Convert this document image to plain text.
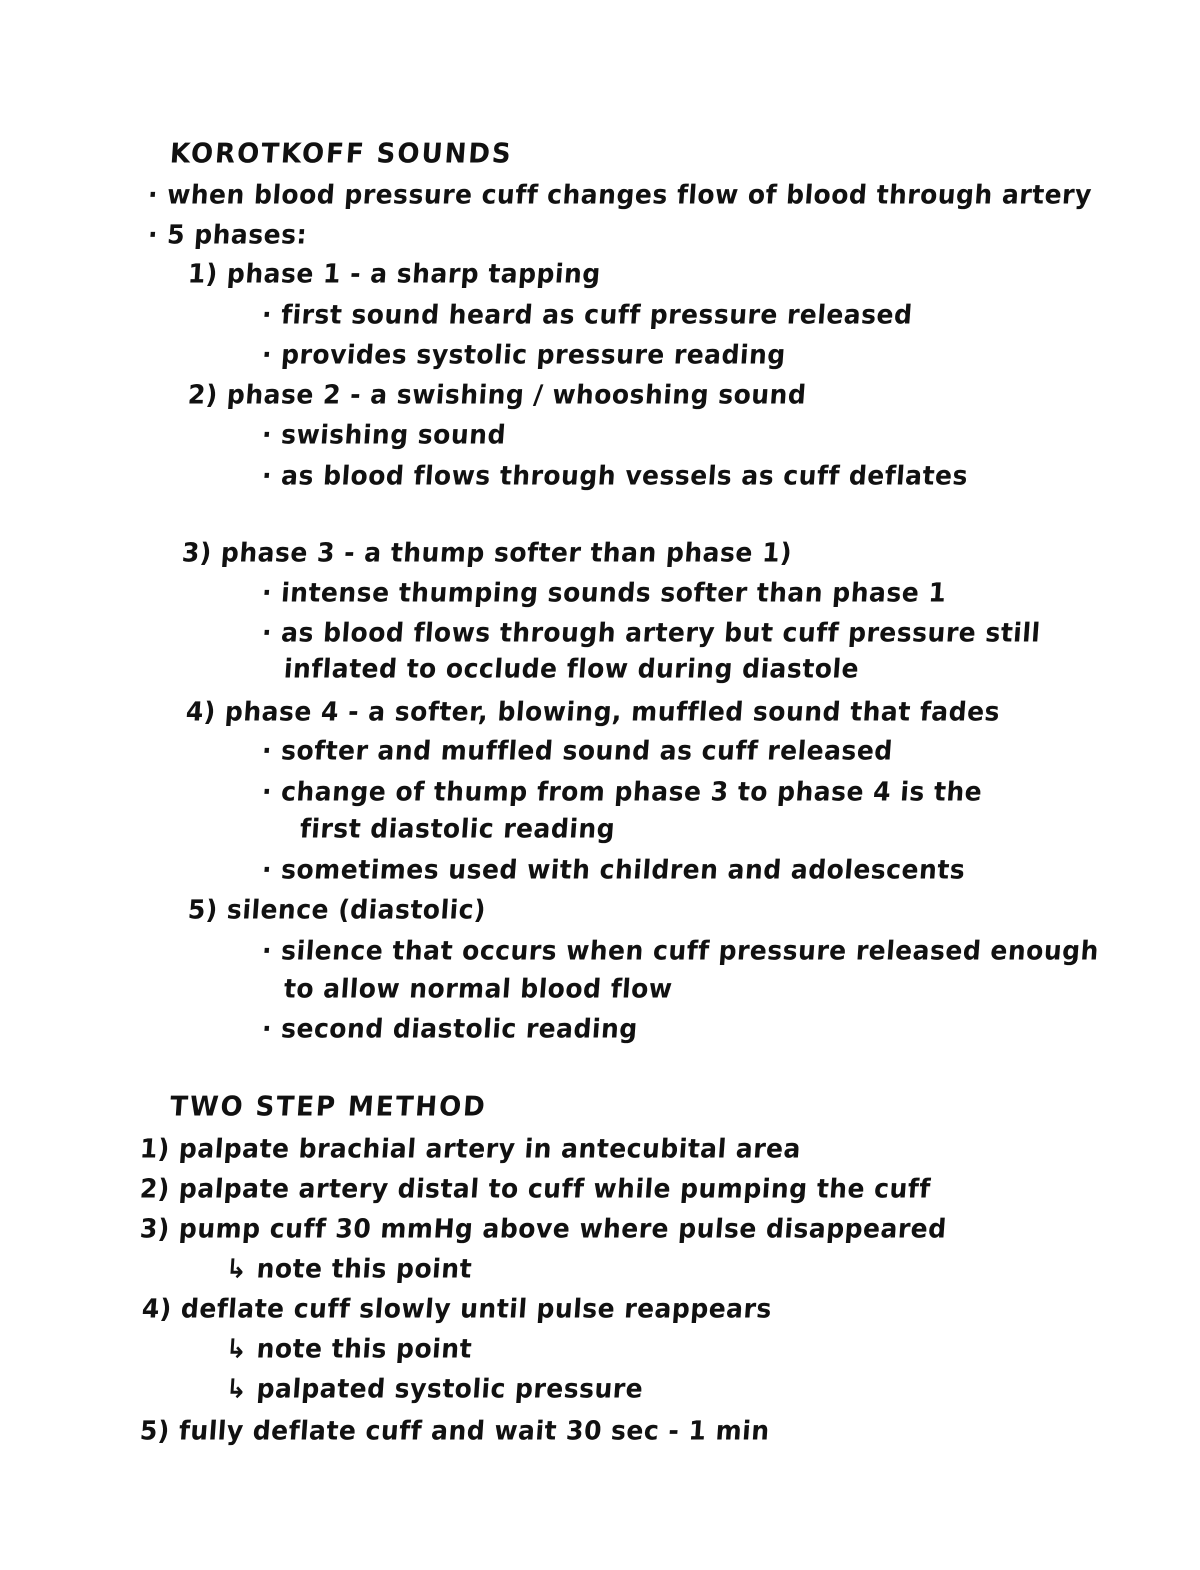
KOROTKOFF SOUNDS
· when blood pressure cuff changes flow of blood through artery
· 5 phases:
1) phase 1 - a sharp tapping
· first sound heard as cuff pressure released
· provides systolic pressure reading
2) phase 2 - a swishing / whooshing sound
· swishing sound
· as blood flows through vessels as cuff deflates
3) phase 3 - a thump softer than phase 1)
· intense thumping sounds softer than phase 1
· as blood flows through artery but cuff pressure still
inflated to occlude flow during diastole
4) phase 4 - a softer, blowing, muffled sound that fades
· softer and muffled sound as cuff released
· change of thump from phase 3 to phase 4 is the
first diastolic reading
· sometimes used with children and adolescents
5) silence (diastolic)
· silence that occurs when cuff pressure released enough
to allow normal blood flow
· second diastolic reading
TWO STEP METHOD
1) palpate brachial artery in antecubital area
2) palpate artery distal to cuff while pumping the cuff
3) pump cuff 30 mmHg above where pulse disappeared
↳ note this point
4) deflate cuff slowly until pulse reappears
↳ note this point
↳ palpated systolic pressure
5) fully deflate cuff and wait 30 sec - 1 min
